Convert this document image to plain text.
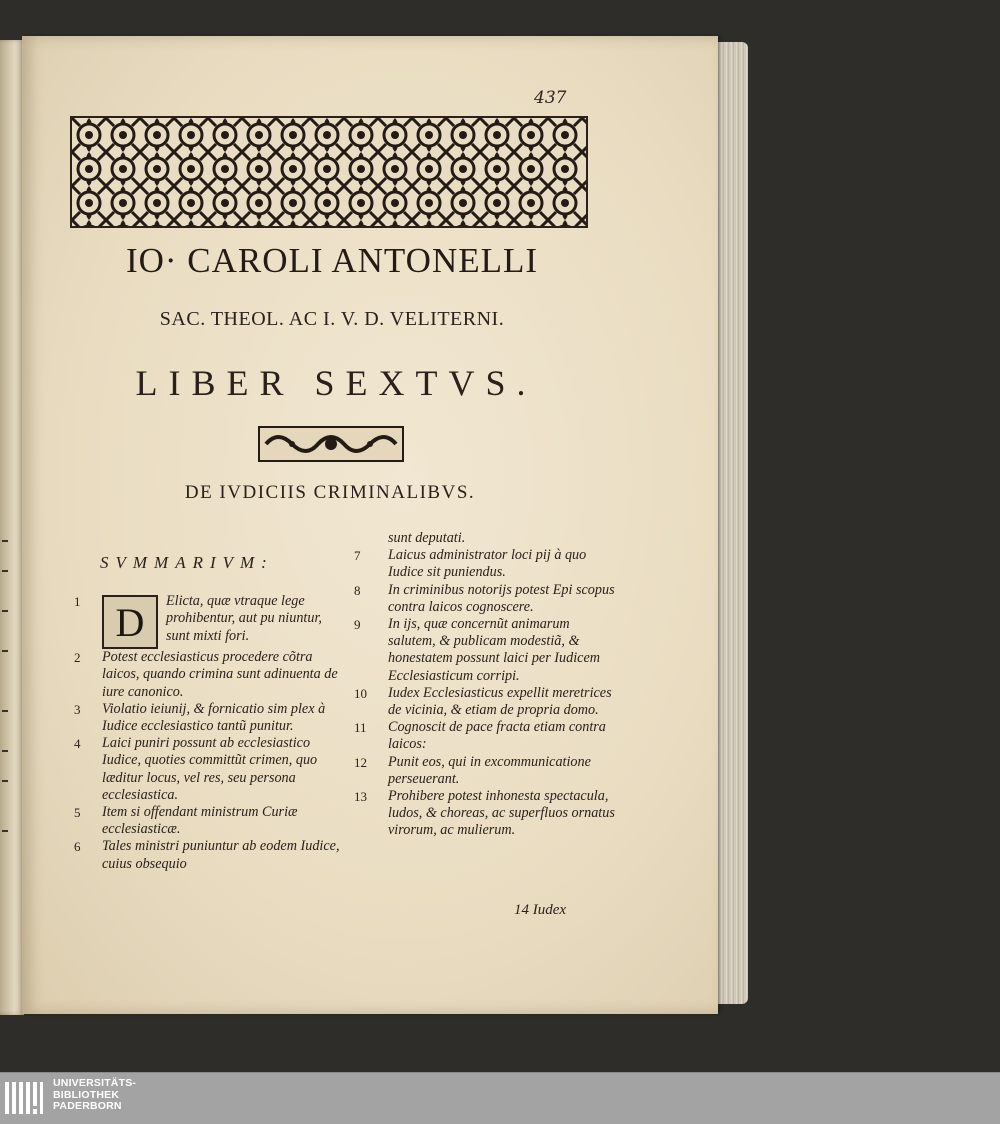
437
IO· CAROLI ANTONELLI
SAC. THEOL. AC I. V. D. VELITERNI.
LIBER SEXTVS.
DE IVDICIIS CRIMINALIBVS.
SVMMARIVM:
1 D	Elicta, quæ vtraque lege prohibentur, aut pu niuntur, sunt mixti fori.
2 Potest ecclesiasticus procedere cõtra laicos, quando crimina sunt adinuenta de iure canonico.
3 Violatio ieiunij, & fornicatio sim plex à Iudice ecclesiastico tantũ punitur.
4 Laici puniri possunt ab ecclesiastico Iudice, quoties committũt crimen, quo læditur locus, vel res, seu persona ecclesiastica.
5 Item si offendant ministrum Curiæ ecclesiasticæ.
6 Tales ministri puniuntur ab eodem Iudice, cuius obsequio
sunt deputati.
7 Laicus administrator loci pij à quo Iudice sit puniendus.
8 In criminibus notorijs potest Epi scopus contra laicos cognoscere.
9 In ijs, quæ concernũt animarum salutem, & publicam modestiã, & honestatem possunt laici per Iudicem Ecclesiasticum corripi.
10 Iudex Ecclesiasticus expellit meretrices de vicinia, & etiam de propria domo.
11 Cognoscit de pace fracta etiam contra laicos:
12 Punit eos, qui in excommunicatione perseuerant.
13 Prohibere potest inhonesta spectacula, ludos, & choreas, ac superfluos ornatus virorum, ac mulierum.
14 Iudex
UNIVERSITÄTS-
BIBLIOTHEK
PADERBORN
